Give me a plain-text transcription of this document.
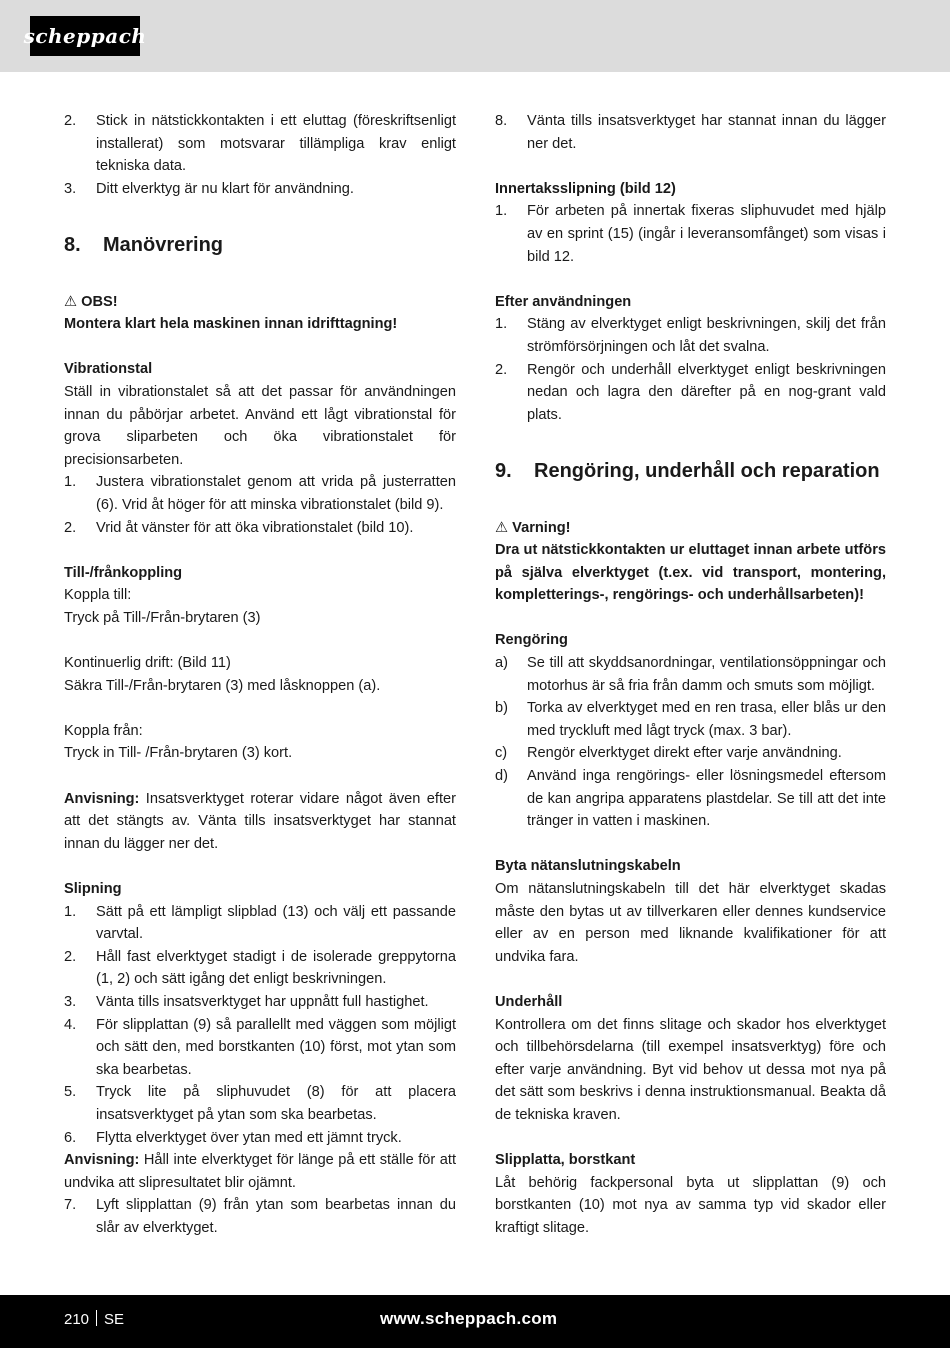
scheppach
2.	Stick in nätstickkontakten i ett eluttag (föreskriftsenligt installerat) som motsvarar tillämpliga krav enligt tekniska data.
3.	Ditt elverktyg är nu klart för användning.
8.	Manövrering

⚠ OBS!

Montera klart hela maskinen innan idrifttagning!

Vibrationstal

Ställ in vibrationstalet så att det passar för användningen innan du påbörjar arbetet. Använd ett lågt vibrationstal för grova sliparbeten och öka vibrationstalet för precisionsarbeten.

1.	Justera vibrationstalet genom att vrida på justerratten (6). Vrid åt höger för att minska vibrationstalet (bild 9).
2.	Vrid åt vänster för att öka vibrationstalet (bild 10).

Till-/frånkoppling

Koppla till:

Tryck på Till-/Från-brytaren (3)

Kontinuerlig drift: (Bild 11)

Säkra Till-/Från-brytaren (3) med låsknoppen (a).

Koppla från:

Tryck in Till- /Från-brytaren (3) kort.

Anvisning: Insatsverktyget roterar vidare något även efter att det stängts av. Vänta tills insatsverktyget har stannat innan du lägger ner det.

Slipning

1.	Sätt på ett lämpligt slipblad (13) och välj ett passande varvtal.
2.	Håll fast elverktyget stadigt i de isolerade greppytorna (1, 2) och sätt igång det enligt beskrivningen.
3.	Vänta tills insatsverktyget har uppnått full hastighet.
4.	För slipplattan (9) så parallellt med väggen som möjligt och sätt den, med borstkanten (10) först, mot ytan som ska bearbetas.
5.	Tryck lite på sliphuvudet (8) för att placera insatsverktyget på ytan som ska bearbetas.
6.	Flytta elverktyget över ytan med ett jämnt tryck.

Anvisning: Håll inte elverktyget för länge på ett ställe för att undvika att slipresultatet blir ojämnt.

7.	Lyft slipplattan (9) från ytan som bearbetas innan du slår av elverktyget.
8.	Vänta tills insatsverktyget har stannat innan du lägger ner det.

Innertaksslipning (bild 12)

1.	För arbeten på innertak fixeras sliphuvudet med hjälp av en sprint (15) (ingår i leveransomfånget) som visas i bild 12.

Efter användningen

1.	Stäng av elverktyget enligt beskrivningen, skilj det från strömförsörjningen och låt det svalna.
2.	Rengör och underhåll elverktyget enligt beskrivningen nedan och lagra den därefter på en nog-grant vald plats.
9.	Rengöring, underhåll och reparation

⚠ Varning!

Dra ut nätstickkontakten ur eluttaget innan arbete utförs på själva elverktyget (t.ex. vid transport, montering, kompletterings-, rengörings- och underhållsarbeten)!

Rengöring

a)	Se till att skyddsanordningar, ventilationsöppningar och motorhus är så fria från damm och smuts som möjligt.
b)	Torka av elverktyget med en ren trasa, eller blås ur den med tryckluft med lågt tryck (max. 3 bar).
c)	Rengör elverktyget direkt efter varje användning.
d)	Använd inga rengörings- eller lösningsmedel eftersom de kan angripa apparatens plastdelar. Se till att det inte tränger in vatten i maskinen.

Byta nätanslutningskabeln

Om nätanslutningskabeln till det här elverktyget skadas måste den bytas ut av tillverkaren eller dennes kundservice eller av en person med liknande kvalifikationer för att undvika fara.

Underhåll

Kontrollera om det finns slitage och skador hos elverktyget och tillbehörsdelarna (till exempel insatsverktyg) före och efter varje användning. Byt vid behov ut dessa mot nya på det sätt som beskrivs i denna instruktionsmanual. Beakta då de tekniska kraven.

Slipplatta, borstkant

Låt behörig fackpersonal byta ut slipplattan (9) och borstkanten (10) mot nya av samma typ vid skador eller kraftigt slitage.

210 SE	www.scheppach.com
